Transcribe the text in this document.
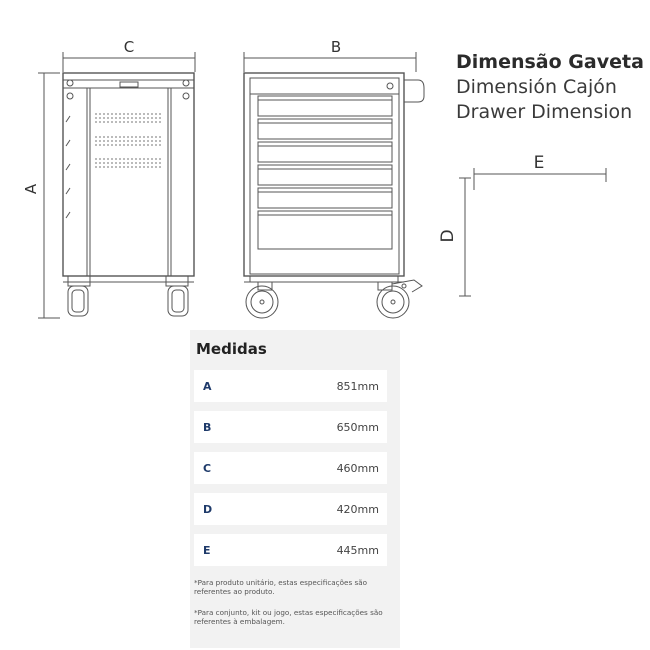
C	B
A
E
D
Dimensão Gaveta
Dimensión Cajón
Drawer Dimension
Medidas
A	851mm
B	650mm
C	460mm
D	420mm
E	445mm
*Para produto unitário, estas especificações são referentes ao produto.
*Para conjunto, kit ou jogo, estas especificações são referentes à embalagem.
